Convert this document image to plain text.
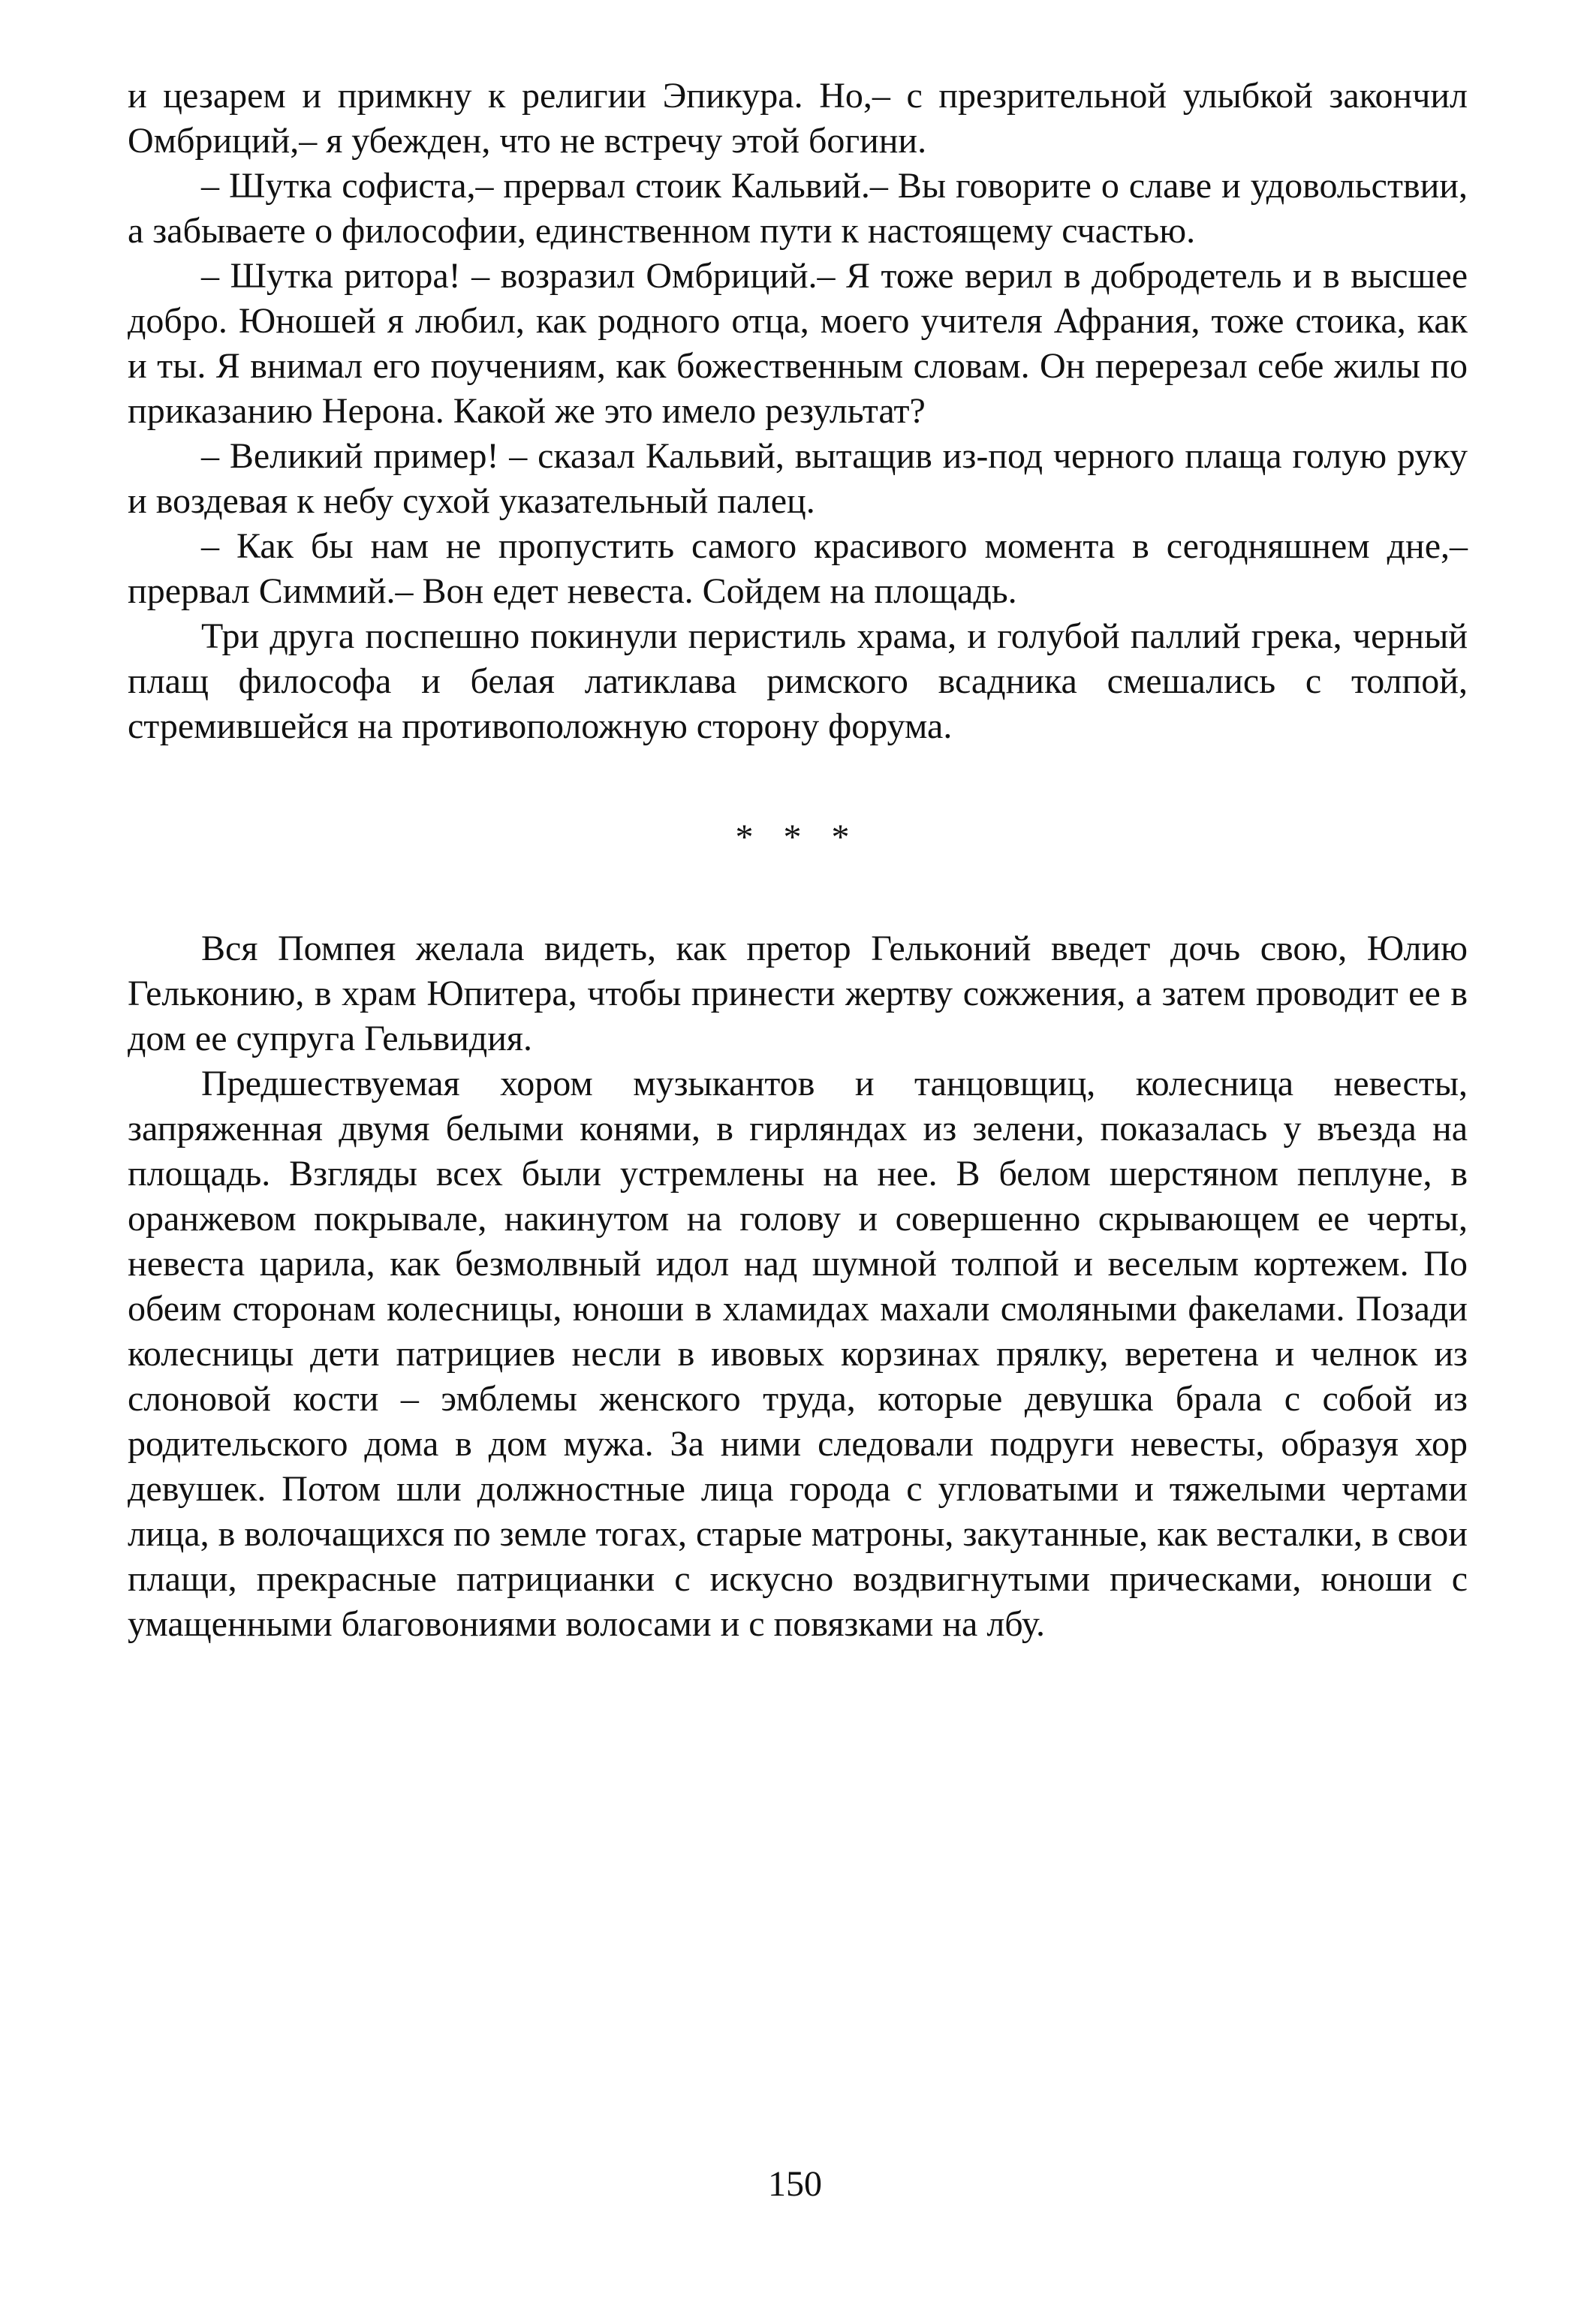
и цезарем и примкну к религии Эпикура. Но,– с презрительной улыбкой закончил Омбриций,– я убежден, что не встречу этой богини.

– Шутка софиста,– прервал стоик Кальвий.– Вы говорите о славе и удовольствии, а забываете о философии, единственном пути к настоящему счастью.

– Шутка ритора! – возразил Омбриций.– Я тоже верил в добродетель и в высшее добро. Юношей я любил, как родного отца, моего учителя Афрания, тоже стоика, как и ты. Я внимал его поучениям, как божественным словам. Он перерезал себе жилы по приказанию Нерона. Какой же это имело результат?

– Великий пример! – сказал Кальвий, вытащив из-под черного плаща голую руку и воздевая к небу сухой указательный палец.

– Как бы нам не пропустить самого красивого момента в сегодняшнем дне,– прервал Симмий.– Вон едет невеста. Сойдем на площадь.

Три друга поспешно покинули перистиль храма, и голубой паллий грека, черный плащ философа и белая латиклава римского всадника смешались с толпой, стремившейся на противоположную сторону форума.

* * *

Вся Помпея желала видеть, как претор Гельконий введет дочь свою, Юлию Гельконию, в храм Юпитера, чтобы принести жертву сожжения, а затем проводит ее в дом ее супруга Гельвидия.

Предшествуемая хором музыкантов и танцовщиц, колесница невесты, запряженная двумя белыми конями, в гирляндах из зелени, показалась у въезда на площадь. Взгляды всех были устремлены на нее. В белом шерстяном пеплуне, в оранжевом покрывале, накинутом на голову и совершенно скрывающем ее черты, невеста царила, как безмолвный идол над шумной толпой и веселым кортежем. По обеим сторонам колесницы, юноши в хламидах махали смоляными факелами. Позади колесницы дети патрициев несли в ивовых корзинах прялку, веретена и челнок из слоновой кости – эмблемы женского труда, которые девушка брала с собой из родительского дома в дом мужа. За ними следовали подруги невесты, образуя хор девушек. Потом шли должностные лица города с угловатыми и тяжелыми чертами лица, в волочащихся по земле тогах, старые матроны, закутанные, как весталки, в свои плащи, прекрасные патрицианки с искусно воздвигнутыми прическами, юноши с умащенными благовониями волосами и с повязками на лбу.

150
